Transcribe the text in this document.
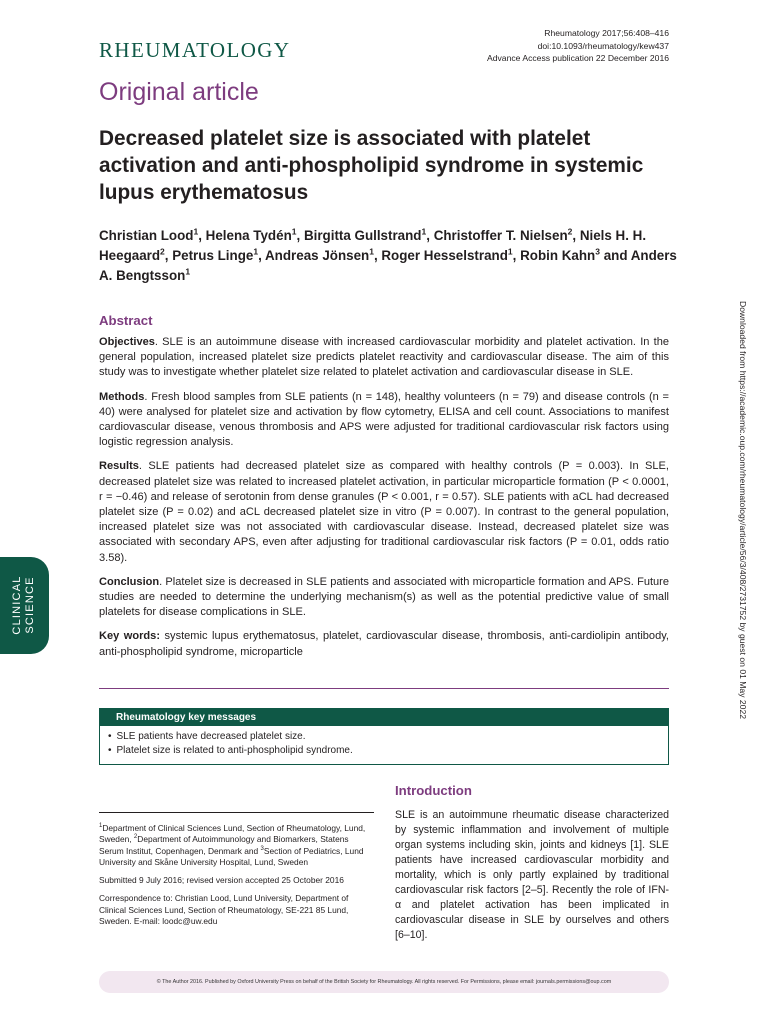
RHEUMATOLOGY
Rheumatology 2017;56:408–416
doi:10.1093/rheumatology/kew437
Advance Access publication 22 December 2016
Original article
Decreased platelet size is associated with platelet activation and anti-phospholipid syndrome in systemic lupus erythematosus
Christian Lood$^1$, Helena Tydén$^1$, Birgitta Gullstrand$^1$, Christoffer T. Nielsen$^2$, Niels H. H. Heegaard$^2$, Petrus Linge$^1$, Andreas Jönsen$^1$, Roger Hesselstrand$^1$, Robin Kahn$^3$ and Anders A. Bengtsson$^1$
Abstract

Objectives. SLE is an autoimmune disease with increased cardiovascular morbidity and platelet activation. In the general population, increased platelet size predicts platelet reactivity and cardiovascular disease. The aim of this study was to investigate whether platelet size related to platelet activation and cardiovascular disease in SLE.

Methods. Fresh blood samples from SLE patients (n = 148), healthy volunteers (n = 79) and disease controls (n = 40) were analysed for platelet size and activation by flow cytometry, ELISA and cell count. Associations to manifest cardiovascular disease, venous thrombosis and APS were adjusted for traditional cardiovascular risk factors using logistic regression analysis.

Results. SLE patients had decreased platelet size as compared with healthy controls (P = 0.003). In SLE, decreased platelet size was related to increased platelet activation, in particular microparticle formation (P < 0.0001, r = −0.46) and release of serotonin from dense granules (P < 0.001, r = 0.57). SLE patients with aCL had decreased platelet size (P = 0.02) and aCL decreased platelet size in vitro (P = 0.007). In contrast to the general population, increased platelet size was not associated with cardiovascular disease. Instead, decreased platelet size was associated with secondary APS, even after adjusting for traditional cardiovascular risk factors (P = 0.01, odds ratio 3.58).

Conclusion. Platelet size is decreased in SLE patients and associated with microparticle formation and APS. Future studies are needed to determine the underlying mechanism(s) as well as the potential predictive value of small platelets for disease complications in SLE.

Key words: systemic lupus erythematosus, platelet, cardiovascular disease, thrombosis, anti-cardiolipin antibody, anti-phospholipid syndrome, microparticle

Rheumatology key messages
• SLE patients have decreased platelet size.
• Platelet size is related to anti-phospholipid syndrome.
Introduction
SLE is an autoimmune rheumatic disease characterized by systemic inflammation and involvement of multiple organ systems including skin, joints and kidneys [1]. SLE patients have increased cardiovascular morbidity and mortality, which is only partly explained by traditional cardiovascular risk factors [2–5]. Recently the role of IFN-α and platelet activation has been implicated in cardiovascular disease in SLE by ourselves and others [6–10].

$^1$Department of Clinical Sciences Lund, Section of Rheumatology, Lund, Sweden, $^2$Department of Autoimmunology and Biomarkers, Statens Serum Institut, Copenhagen, Denmark and $^3$Section of Pediatrics, Lund University and Skåne University Hospital, Lund, Sweden

Submitted 9 July 2016; revised version accepted 25 October 2016

Correspondence to: Christian Lood, Lund University, Department of Clinical Sciences Lund, Section of Rheumatology, SE-221 85 Lund, Sweden. E-mail: loodc@uw.edu

© The Author 2016. Published by Oxford University Press on behalf of the British Society for Rheumatology. All rights reserved. For Permissions, please email: journals.permissions@oup.com
CLINICAL SCIENCE	Downloaded from https://academic.oup.com/rheumatology/article/56/3/408/2731752 by guest on 01 May 2022
